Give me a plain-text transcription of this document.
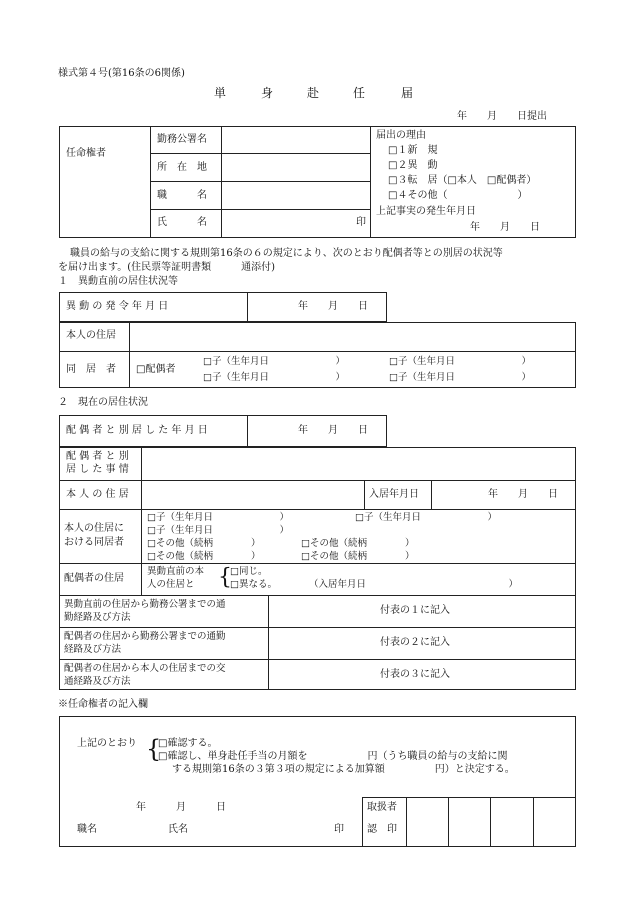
様式第４号(第16条の6関係)
単	身	赴	任	届
年　　月　　日提出
任命権者
勤務公署名
所　在　地
職　　　名
氏　　　名	印
届出の理由
□１新　規
□２異　動
□３転　居（□本人　□配偶者）
□４その他（　　　　　　　）
上記事実の発生年月日
年　　月　　日
職員の給与の支給に関する規則第16条の６の規定により、次のとおり配偶者等との別居の状況等
を届け出ます。(住民票等証明書類　　　通添付)
１　異動直前の居住状況等
異 動 の 発 令 年 月 日	年　　月　　日
本人の住居
同　居　者 □配偶者
□子（生年月日　　　　　　　）
□子（生年月日　　　　　　　）
□子（生年月日　　　　　　　）
□子（生年月日　　　　　　　）
２　現在の居住状況
配 偶 者 と 別 居 し た 年 月 日	年　　月　　日
配 偶 者 と 別
居 し た 事 情
本 人 の 住 居	入居年月日	年　　月　　日
本人の住居に
おける同居者
□子（生年月日　　　　　　　）	□子（生年月日　　　　　　　）
□子（生年月日　　　　　　　）
□その他（続柄　　　　）	□その他（続柄　　　　）
□その他（続柄　　　　）	□その他（続柄　　　　）
配偶者の住居
異動直前の本
人の住居と {
□同じ。
□異なる。	（入居年月日　　　　　　　　　　　　　　　）
異動直前の住居から勤務公署までの通
勤経路及び方法
付表の１に記入
配偶者の住居から勤務公署までの通勤
経路及び方法
付表の２に記入
配偶者の住居から本人の住居までの交
通経路及び方法
付表の３に記入
※任命権者の記入欄
上記のとおり {
□確認する。
□確認し、単身赴任手当の月額を　　　　　　円（うち職員の給与の支給に関
する規則第16条の３第３項の規定による加算額　　　　　円）と決定する。
年　　　月　　　日
職名	氏名	印
取扱者
認　印
